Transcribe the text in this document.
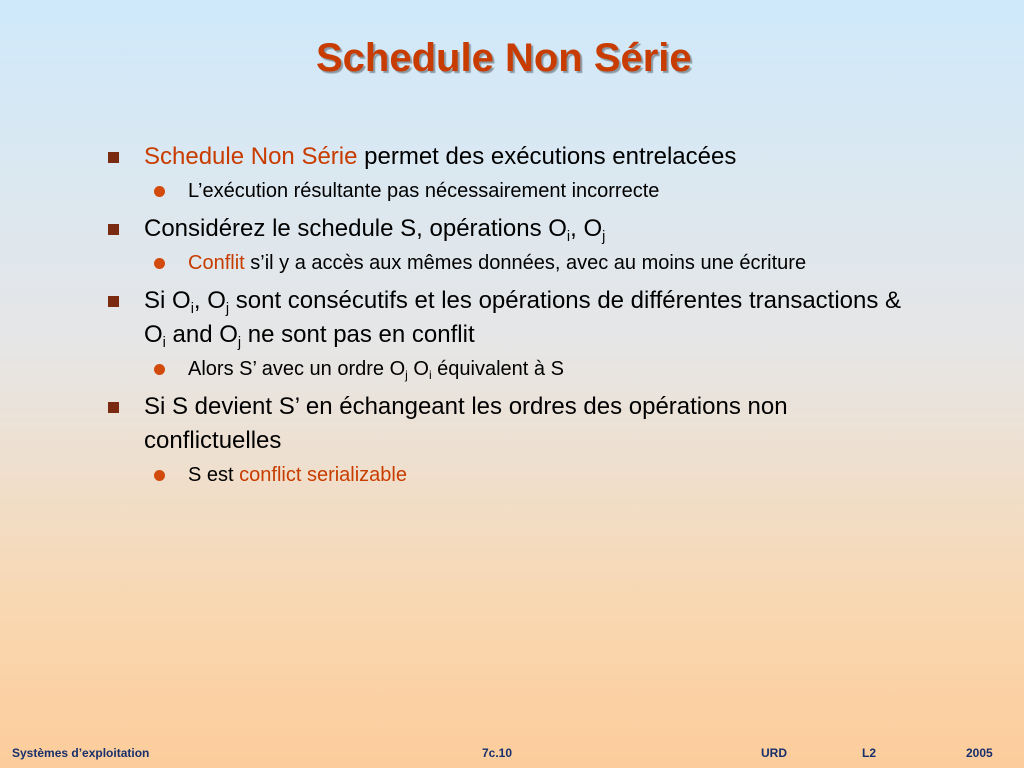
Schedule Non Série
Schedule Non Série permet des exécutions entrelacées
L’exécution résultante pas nécessairement incorrecte
Considérez le schedule S, opérations $O_i$, $O_j$
Conflit s’il y a accès aux mêmes données, avec au moins une écriture
Si $O_i$, $O_j$ sont consécutifs et les opérations de différentes transactions & $O_i$ and $O_j$ ne sont pas en conflit
Alors S’ avec un ordre $O_j$ $O_i$ équivalent à S
Si S devient S’ en échangeant les ordres des opérations non conflictuelles
S est conflict serializable
Systèmes d’exploitation	7c.10	URD	L2	2005
